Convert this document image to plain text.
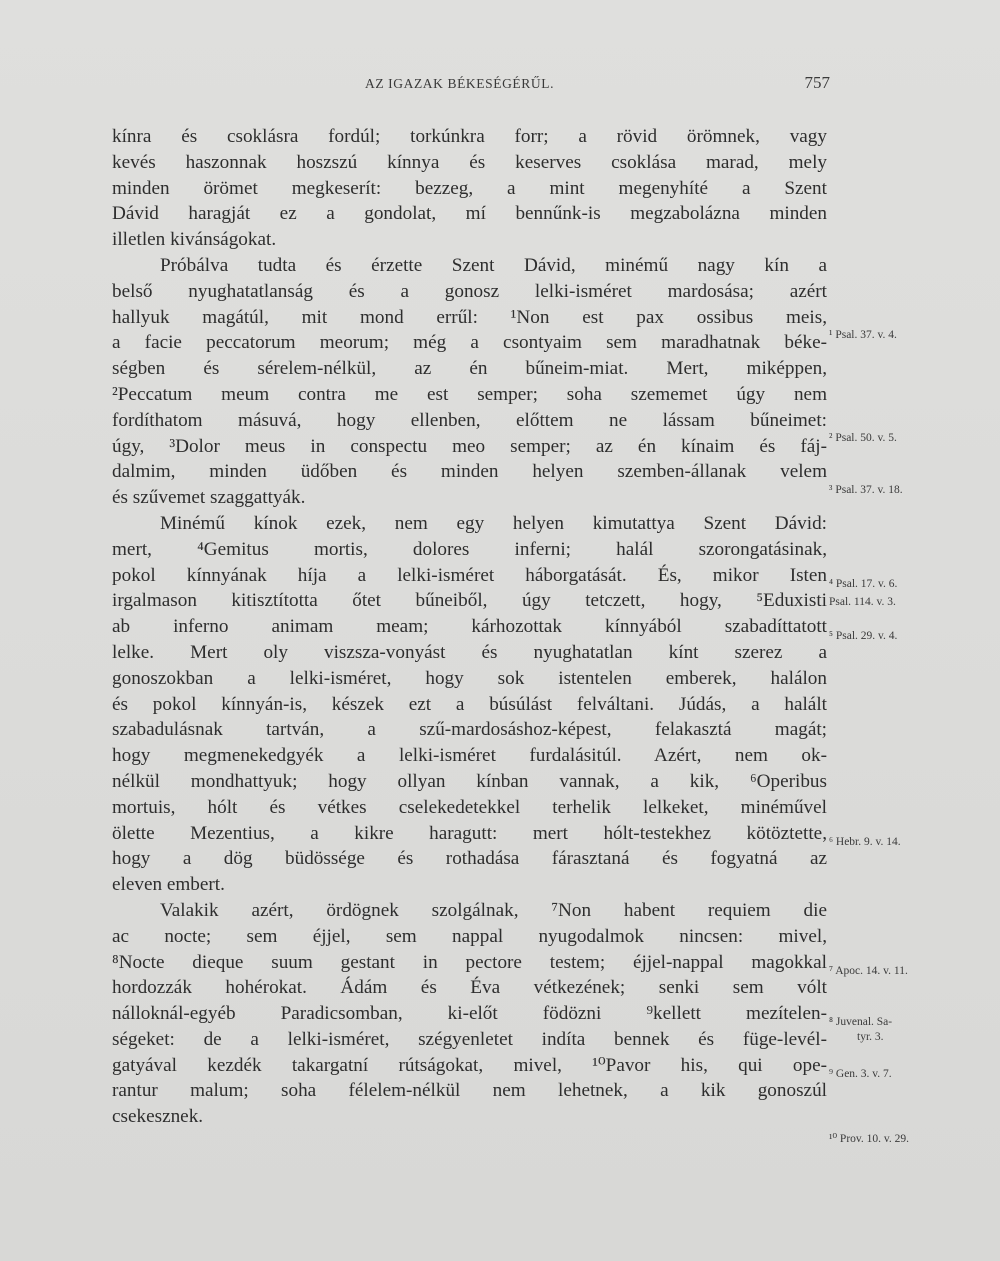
AZ IGAZAK BÉKESÉGÉRŰL.	757

kínra és csoklásra fordúl; torkúnkra forr; a rövid örömnek, vagy

kevés haszonnak hoszszú kínnya és keserves csoklása marad, mely

minden örömet megkeserít: bezzeg, a mint megenyhíté a Szent

Dávid haragját ez a gondolat, mí bennűnk-is megzabolázna minden

illetlen kivánságokat.

Próbálva tudta és érzette Szent Dávid, minémű nagy kín a

belső nyughatatlanság és a gonosz lelki-isméret mardosása; azért

hallyuk magátúl, mit mond errűl: ¹Non est pax ossibus meis,

a facie peccatorum meorum; még a csontyaim sem maradhatnak béke-

ségben és sérelem-nélkül, az én bűneim-miat. Mert, miképpen,

²Peccatum meum contra me est semper; soha szememet úgy nem

fordíthatom másuvá, hogy ellenben, előttem ne lássam bűneimet:

úgy, ³Dolor meus in conspectu meo semper; az én kínaim és fáj-

dalmim, minden üdőben és minden helyen szemben-állanak velem

és szűvemet szaggattyák.

Minémű kínok ezek, nem egy helyen kimutattya Szent Dávid:

mert, ⁴Gemitus mortis, dolores inferni; halál szorongatásinak,

pokol kínnyának híja a lelki-isméret háborgatását. És, mikor Isten

irgalmason kitisztította őtet bűneiből, úgy tetczett, hogy, ⁵Eduxisti

ab inferno animam meam; kárhozottak kínnyából szabadíttatott

lelke. Mert oly viszsza-vonyást és nyughatatlan kínt szerez a

gonoszokban a lelki-isméret, hogy sok istentelen emberek, halálon

és pokol kínnyán-is, készek ezt a búsúlást felváltani. Júdás, a halált

szabadulásnak tartván, a szű-mardosáshoz-képest, felakasztá magát;

hogy megmenekedgyék a lelki-isméret furdalásitúl. Azért, nem ok-

nélkül mondhattyuk; hogy ollyan kínban vannak, a kik, ⁶Operibus

mortuis, hólt és vétkes cselekedetekkel terhelik lelkeket, minéművel

ölette Mezentius, a kikre haragutt: mert hólt-testekhez kötöztette,

hogy a dög büdössége és rothadása fárasztaná és fogyatná az

eleven embert.

Valakik azért, ördögnek szolgálnak, ⁷Non habent requiem die

ac nocte; sem éjjel, sem nappal nyugodalmok nincsen: mivel,

⁸Nocte dieque suum gestant in pectore testem; éjjel-nappal magokkal

hordozzák hohérokat. Ádám és Éva vétkezének; senki sem vólt

nálloknál-egyéb Paradicsomban, ki-előt födözni ⁹kellett mezítelen-

ségeket: de a lelki-isméret, szégyenletet indíta bennek és füge-levél-

gatyával kezdék takargatní rútságokat, mivel, ¹⁰Pavor his, qui ope-

rantur malum; soha félelem-nélkül nem lehetnek, a kik gonoszúl

csekesznek.

¹ Psal. 37. v. 4.
² Psal. 50. v. 5.
³ Psal. 37. v. 18.
⁴ Psal. 17. v. 6.
Psal. 114. v. 3.
⁵ Psal. 29. v. 4.
⁶ Hebr. 9. v. 14.
⁷ Apoc. 14. v. 11.
⁸ Juvenal. Sa-
tyr. 3.
⁹ Gen. 3. v. 7.
¹⁰ Prov. 10. v. 29.
